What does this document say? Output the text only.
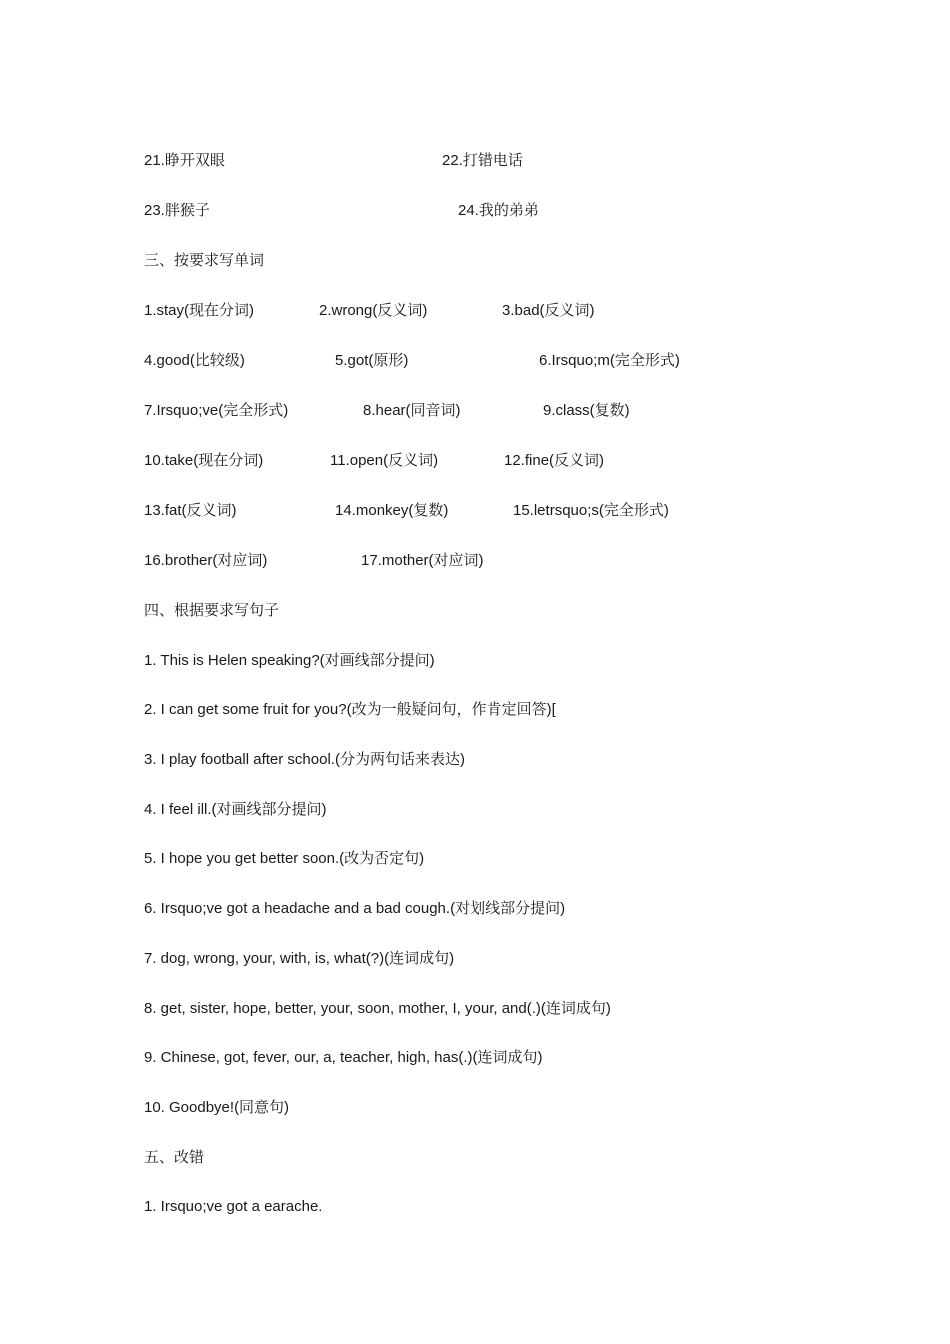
21.睁开双眼	22.打错电话
23.胖猴子	24.我的弟弟
三、按要求写单词
1.stay(现在分词)	2.wrong(反义词)	3.bad(反义词)
4.good(比较级)	5.got(原形)	6.Irsquo;m(完全形式)
7.Irsquo;ve(完全形式)	8.hear(同音词)	9.class(复数)
10.take(现在分词)	11.open(反义词)	12.fine(反义词)
13.fat(反义词)	14.monkey(复数)	15.letrsquo;s(完全形式)
16.brother(对应词)	17.mother(对应词)
四、根据要求写句子
1. This is Helen speaking?(对画线部分提问)
2. I can get some fruit for you?(改为一般疑问句，作肯定回答)[
3. I play football after school.(分为两句话来表达)
4. I feel ill.(对画线部分提问)
5. I hope you get better soon.(改为否定句)
6. Irsquo;ve got a headache and a bad cough.(对划线部分提问)
7. dog, wrong, your, with, is, what(?)(连词成句)
8. get, sister, hope, better, your, soon, mother, I, your, and(.)(连词成句)
9. Chinese, got, fever, our, a, teacher, high, has(.)(连词成句)
10. Goodbye!(同意句)
五、改错
1. Irsquo;ve got a earache.
